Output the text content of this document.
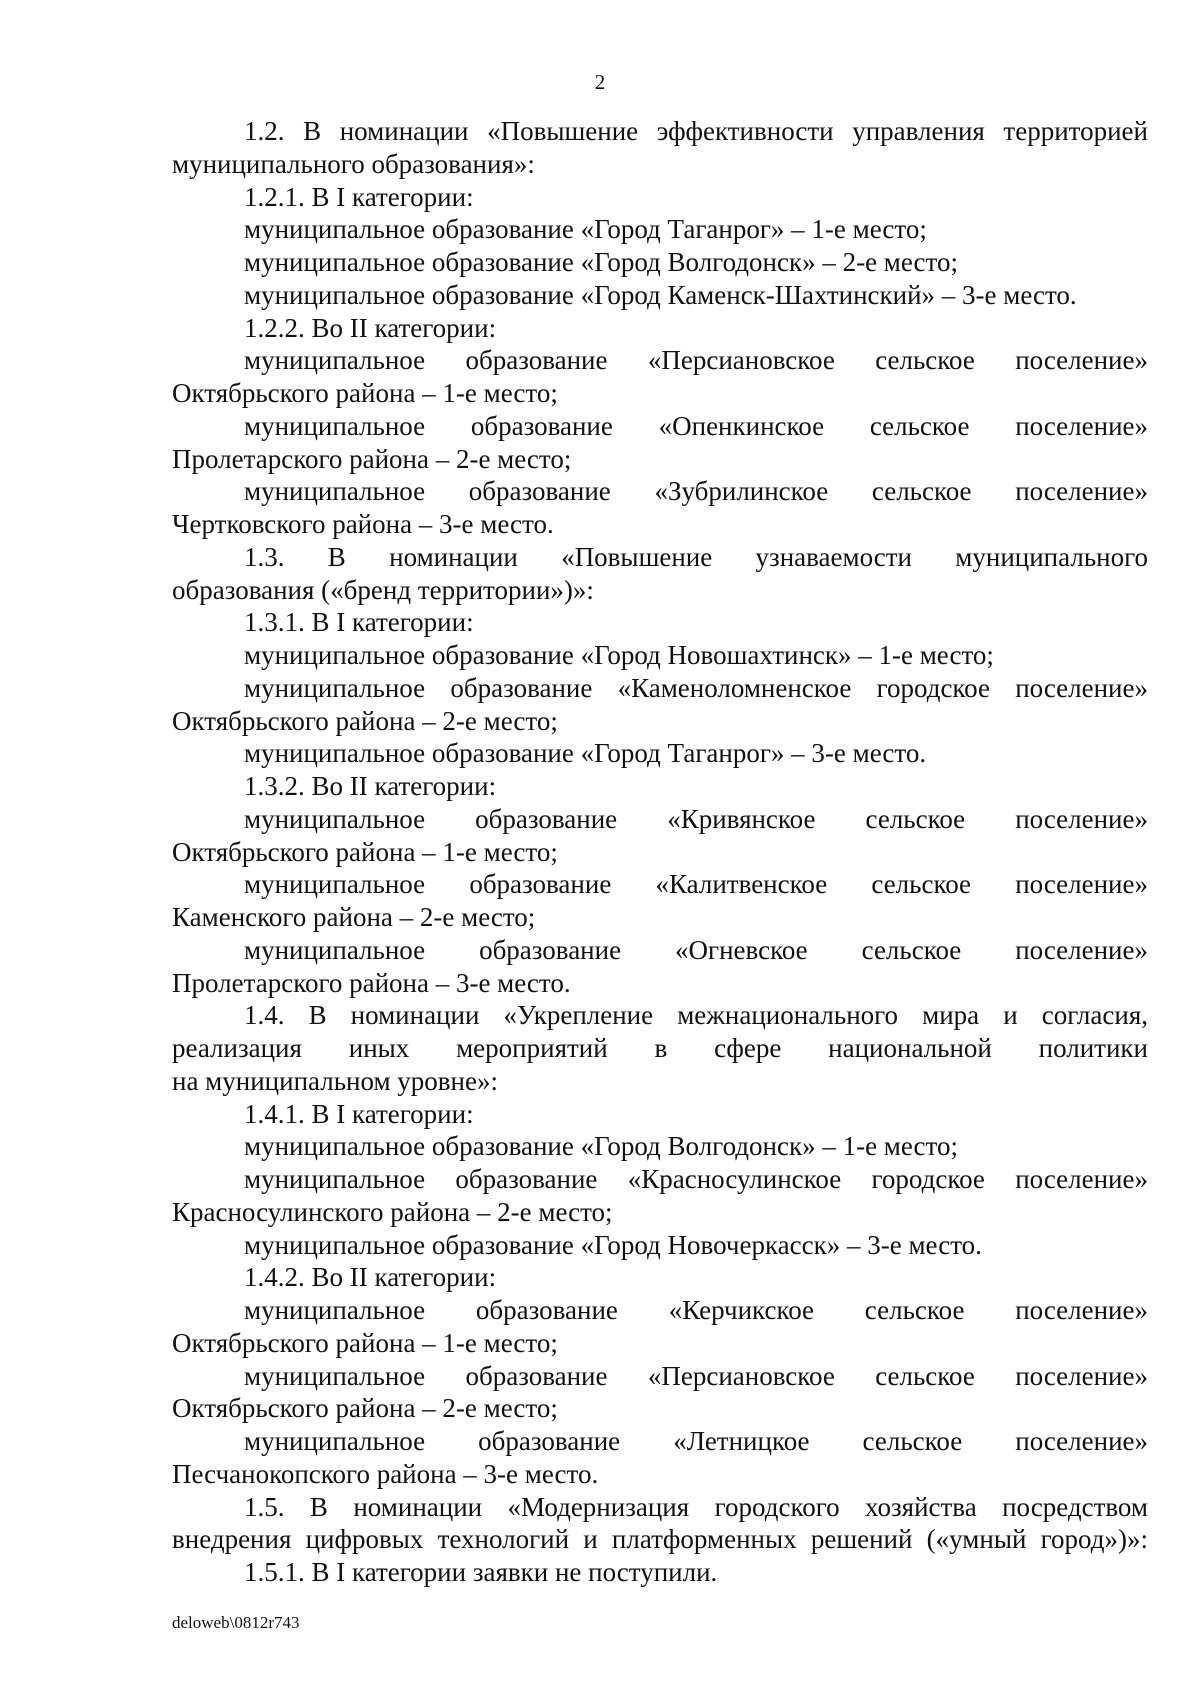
2
1.2. В номинации «Повышение эффективности управления территорией
муниципального образования»:
1.2.1. В I категории:
муниципальное образование «Город Таганрог» – 1-е место;
муниципальное образование «Город Волгодонск» – 2-е место;
муниципальное образование «Город Каменск-Шахтинский» – 3-е место.
1.2.2. Во II категории:
муниципальное образование «Персиановское сельское поселение»
Октябрьского района – 1-е место;
муниципальное образование «Опенкинское сельское поселение»
Пролетарского района – 2-е место;
муниципальное образование «Зубрилинское сельское поселение»
Чертковского района – 3-е место.
1.3. В номинации «Повышение узнаваемости муниципального
образования («бренд территории»)»:
1.3.1. В I категории:
муниципальное образование «Город Новошахтинск» – 1-е место;
муниципальное образование «Каменоломненское городское поселение»
Октябрьского района – 2-е место;
муниципальное образование «Город Таганрог» – 3-е место.
1.3.2. Во II категории:
муниципальное образование «Кривянское сельское поселение»
Октябрьского района – 1-е место;
муниципальное образование «Калитвенское сельское поселение»
Каменского района – 2-е место;
муниципальное образование «Огневское сельское поселение»
Пролетарского района – 3-е место.
1.4. В номинации «Укрепление межнационального мира и согласия,
реализация иных мероприятий в сфере национальной политики
на муниципальном уровне»:
1.4.1. В I категории:
муниципальное образование «Город Волгодонск» – 1-е место;
муниципальное образование «Красносулинское городское поселение»
Красносулинского района – 2-е место;
муниципальное образование «Город Новочеркасск» – 3-е место.
1.4.2. Во II категории:
муниципальное образование «Керчикское сельское поселение»
Октябрьского района – 1-е место;
муниципальное образование «Персиановское сельское поселение»
Октябрьского района – 2-е место;
муниципальное образование «Летницкое сельское поселение»
Песчанокопского района – 3-е место.
1.5. В номинации «Модернизация городского хозяйства посредством
внедрения цифровых технологий и платформенных решений («умный город»)»:
1.5.1. В I категории заявки не поступили.
deloweb\0812r743
